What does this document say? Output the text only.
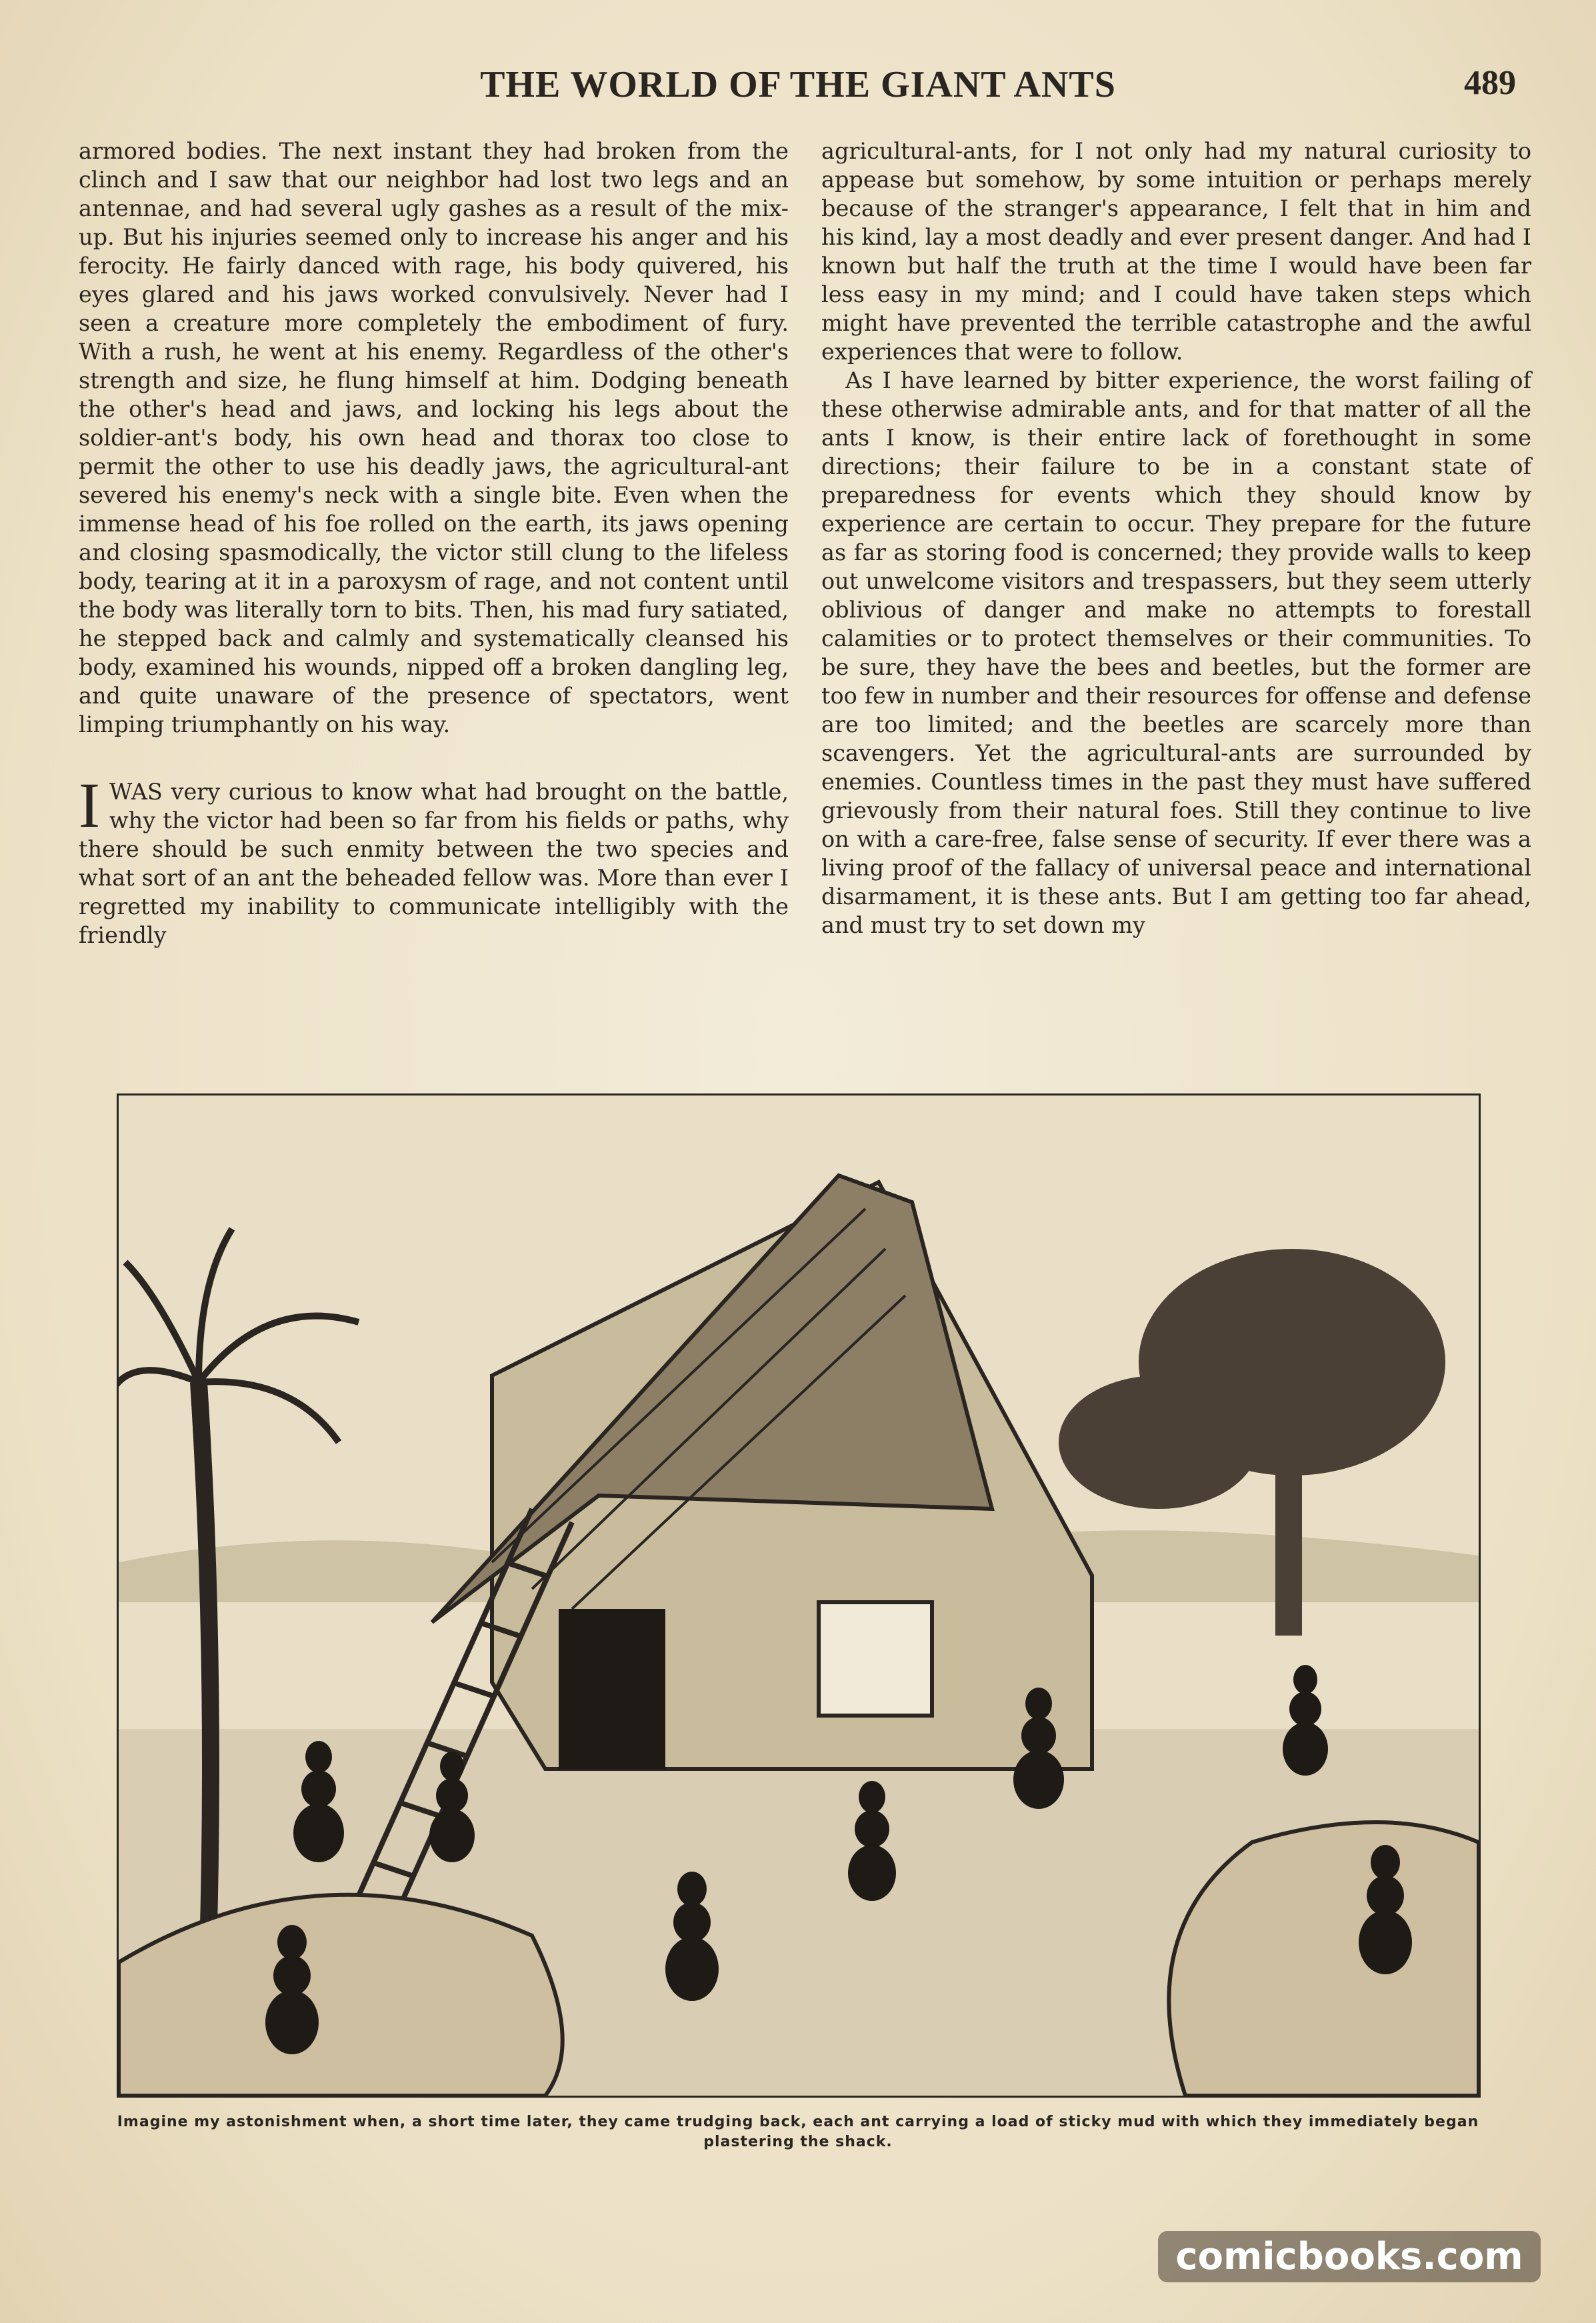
THE WORLD OF THE GIANT ANTS	489

armored bodies. The next instant they had broken from the clinch and I saw that our neighbor had lost two legs and an antennae, and had several ugly gashes as a result of the mix-up. But his injuries seemed only to increase his anger and his ferocity. He fairly danced with rage, his body quivered, his eyes glared and his jaws worked convulsively. Never had I seen a creature more completely the embodiment of fury. With a rush, he went at his enemy. Regardless of the other's strength and size, he flung himself at him. Dodging beneath the other's head and jaws, and locking his legs about the soldier-ant's body, his own head and thorax too close to permit the other to use his deadly jaws, the agricultural-ant severed his enemy's neck with a single bite. Even when the immense head of his foe rolled on the earth, its jaws opening and closing spasmodically, the victor still clung to the lifeless body, tearing at it in a paroxysm of rage, and not content until the body was literally torn to bits. Then, his mad fury satiated, he stepped back and calmly and systematically cleansed his body, examined his wounds, nipped off a broken dangling leg, and quite unaware of the presence of spectators, went limping triumphantly on his way.

IWAS very curious to know what had brought on the battle, why the victor had been so far from his fields or paths, why there should be such enmity between the two species and what sort of an ant the beheaded fellow was. More than ever I regretted my inability to communicate intelligibly with the friendly

agricultural-ants, for I not only had my natural curiosity to appease but somehow, by some intuition or perhaps merely because of the stranger's appearance, I felt that in him and his kind, lay a most deadly and ever present danger. And had I known but half the truth at the time I would have been far less easy in my mind; and I could have taken steps which might have prevented the terrible catastrophe and the awful experiences that were to follow.

As I have learned by bitter experience, the worst failing of these otherwise admirable ants, and for that matter of all the ants I know, is their entire lack of forethought in some directions; their failure to be in a constant state of preparedness for events which they should know by experience are certain to occur. They prepare for the future as far as storing food is concerned; they provide walls to keep out unwelcome visitors and trespassers, but they seem utterly oblivious of danger and make no attempts to forestall calamities or to protect themselves or their communities. To be sure, they have the bees and beetles, but the former are too few in number and their resources for offense and defense are too limited; and the beetles are scarcely more than scavengers. Yet the agricultural-ants are surrounded by enemies. Countless times in the past they must have suffered grievously from their natural foes. Still they continue to live on with a care-free, false sense of security. If ever there was a living proof of the fallacy of universal peace and international disarmament, it is these ants. But I am getting too far ahead, and must try to set down my

Imagine my astonishment when, a short time later, they came trudging back, each ant carrying a load of sticky mud with which they immediately began plastering the shack.
comicbooks.com
